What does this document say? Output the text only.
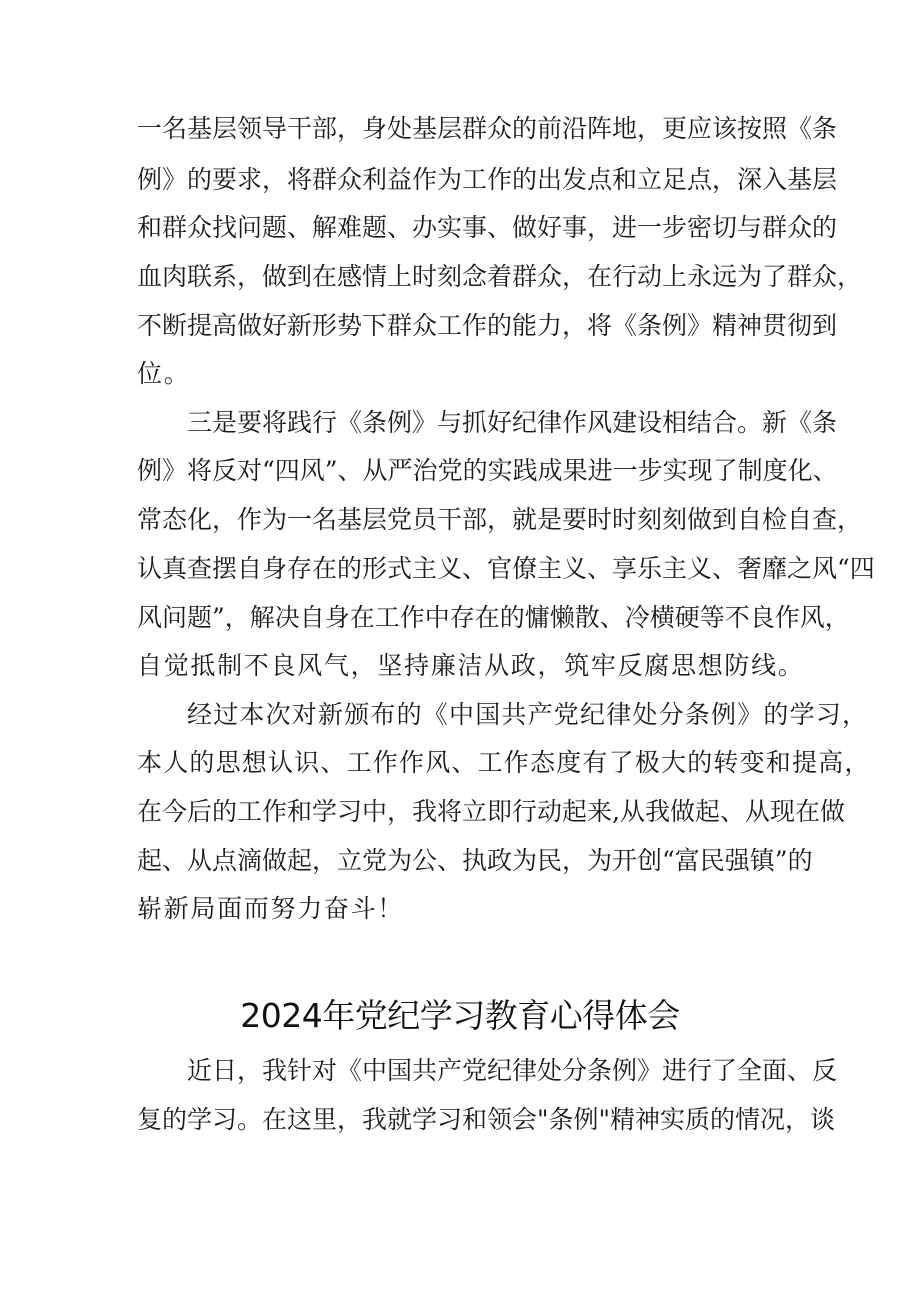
一名基层领导干部，身处基层群众的前沿阵地，更应该按照《条
例》的要求，将群众利益作为工作的出发点和立足点，深入基层
和群众找问题、解难题、办实事、做好事，进一步密切与群众的
血肉联系，做到在感情上时刻念着群众，在行动上永远为了群众，
不断提高做好新形势下群众工作的能力，将《条例》精神贯彻到
位。
三是要将践行《条例》与抓好纪律作风建设相结合。新《条
例》将反对“四风”、从严治党的实践成果进一步实现了制度化、
常态化，作为一名基层党员干部，就是要时时刻刻做到自检自查，
认真查摆自身存在的形式主义、官僚主义、享乐主义、奢靡之风“四
风问题”，解决自身在工作中存在的慵懒散、冷横硬等不良作风，
自觉抵制不良风气，坚持廉洁从政，筑牢反腐思想防线。
经过本次对新颁布的《中国共产党纪律处分条例》的学习，
本人的思想认识、工作作风、工作态度有了极大的转变和提高，
在今后的工作和学习中，我将立即行动起来,从我做起、从现在做
起、从点滴做起，立党为公、执政为民，为开创“富民强镇”的
崭新局面而努力奋斗！
2024年党纪学习教育心得体会
近日，我针对《中国共产党纪律处分条例》进行了全面、反
复的学习。在这里，我就学习和领会"条例"精神实质的情况，谈
